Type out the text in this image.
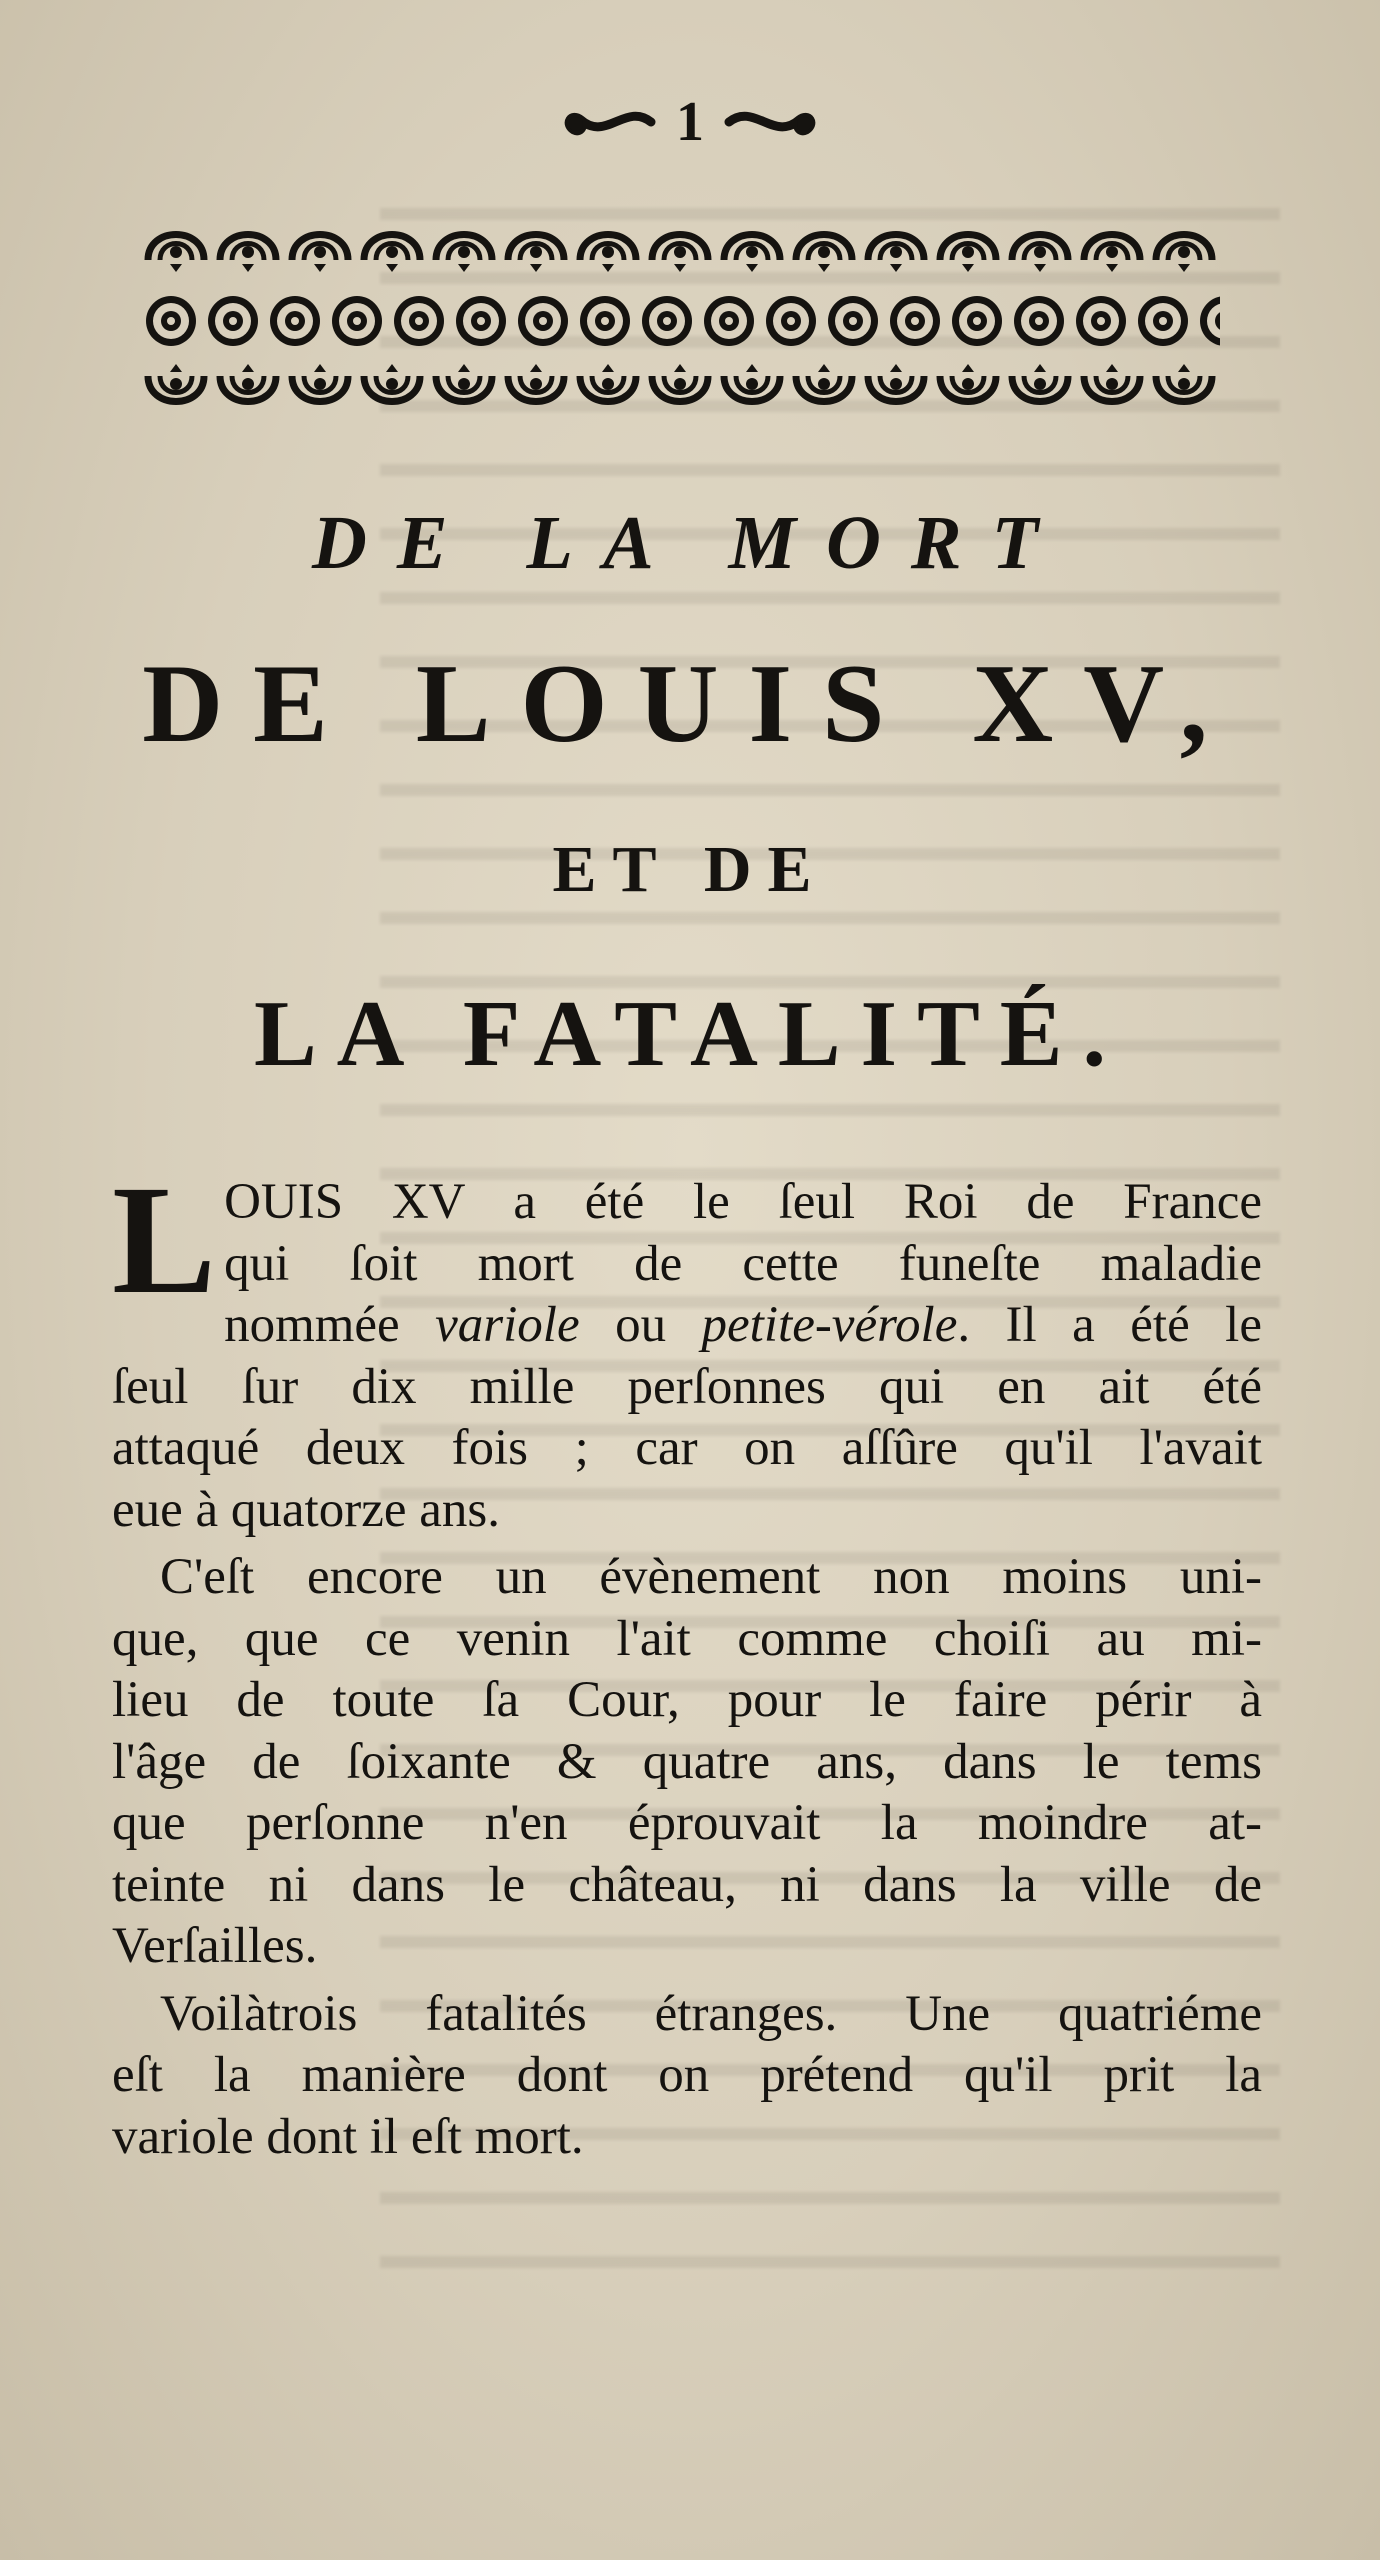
1
DE LA MORT
DE LOUIS XV,
ET DE
LA FATALITÉ.
L OUIS XV a été le ſeul Roi de France
qui ſoit mort de cette funeſte maladie
nommée variole ou petite-vérole. Il a été le
ſeul ſur dix mille perſonnes qui en ait été
attaqué deux fois ; car on aſſûre qu'il l'avait
eue à quatorze ans.
C'eſt encore un évènement non moins uni-
que, que ce venin l'ait comme choiſi au mi-
lieu de toute ſa Cour, pour le faire périr à
l'âge de ſoixante & quatre ans, dans le tems
que perſonne n'en éprouvait la moindre at-
teinte ni dans le château, ni dans la ville de
Verſailles.
Voilàtrois fatalités étranges. Une quatriéme
eſt la manière dont on prétend qu'il prit la
variole dont il eſt mort.
